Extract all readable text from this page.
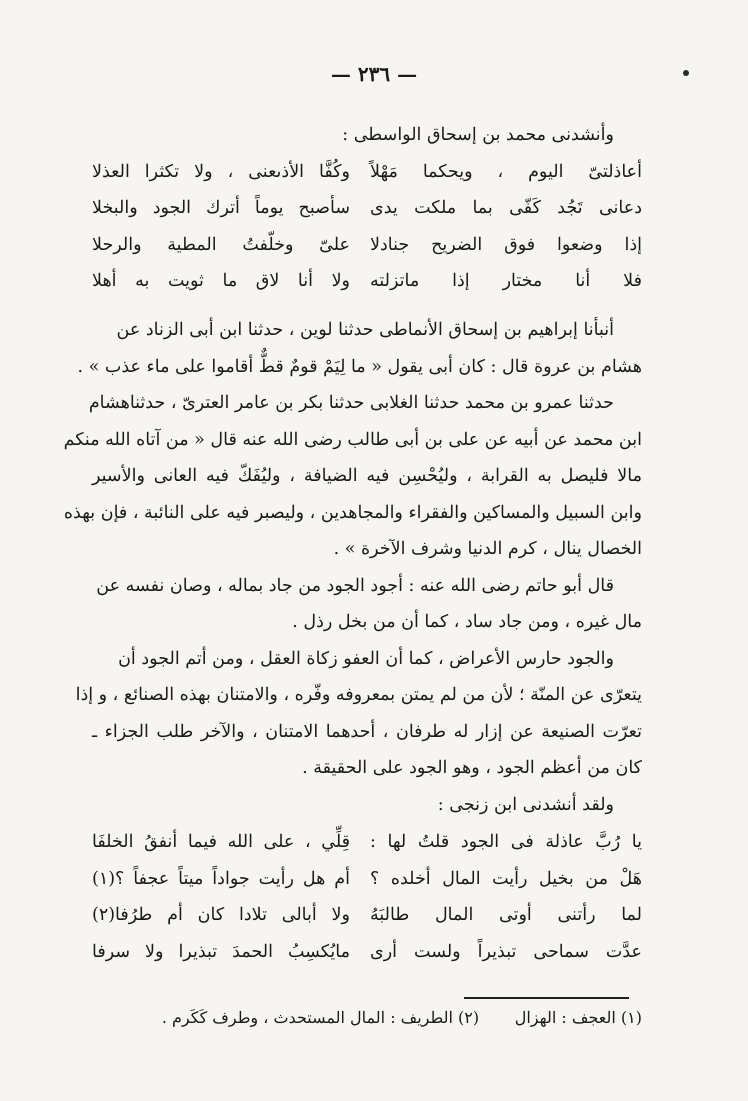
— ٢٣٦ —
وأنشدنى محمد بن إسحاق الواسطى :
أعاذلتىّ اليوم ، ويحكما مَهْلاً
وكُفَّا الأذىعنى ، ولا تكثرا العذلا
دعانى تَجُد كَفّى بما ملكت يدى
سأصبح يوماً أترك الجود والبخلا
إذا وضعوا فوق الضريح جنادلا
علىّ وخلّفتُ المطية والرحلا
فلا أنا مختار إذا ماتزلته
ولا أنا لاق ما ثويت به أهلا
أنبأنا إبراهيم بن إسحاق الأنماطى حدثنا لوين ، حدثنا ابن أبى الزناد عن
هشام بن عروة قال : كان أبى يقول « ما لِيَمْ قومٌ قطٌّ أقاموا على ماء عذب » .
حدثنا عمرو بن محمد حدثنا الغلابى حدثنا بكر بن عامر العترىّ ، حدثناهشام
ابن محمد عن أبيه عن على بن أبى طالب رضى الله عنه قال « من آتاه الله منكم
مالا فليصل به القرابة ، وليُحْسِن فيه الضيافة ، وليُفَكّ فيه العانى والأسير
وابن السبيل والمساكين والفقراء والمجاهدين ، وليصبر فيه على النائبة ، فإن بهذه
الخصال ينال ، كرم الدنيا وشرف الآخرة » .
قال أبو حاتم رضى الله عنه : أجود الجود من جاد بماله ، وصان نفسه عن
مال غيره ، ومن جاد ساد ، كما أن من بخل رذل .
والجود حارس الأعراض ، كما أن العفو زكاة العقل ، ومن أتم الجود أن
يتعرّى عن المنّة ؛ لأن من لم يمتن بمعروفه وفّره ، والامتنان بهذه الصنائع ، و إذا
تعرّت الصنيعة عن إزار له طرفان ، أحدهما الامتنان ، والآخر طلب الجزاء ـ
كان من أعظم الجود ، وهو الجود على الحقيقة .
ولقد أنشدنى ابن زنجى :
يا رُبَّ عاذلة فى الجود قلتُ لها :
قِلِّي ، على الله فيما أنفقُ الخلفَا
هَلْ من بخيل رأيت المال أخلده ؟
أم هل رأيت جواداً ميتاً عجفاً ؟(١)
لما رأتنى أوتى المال طالبَهُ
ولا أبالى تلادا كان أم طرُفا(٢)
عدَّت سماحى تبذيراً ولست أرى
مايُكسِبُ الحمدَ تبذيرا ولا سرفا
(١) العجف : الهزال       (٢) الطريف : المال المستحدث ، وطرف كَكَرم .
